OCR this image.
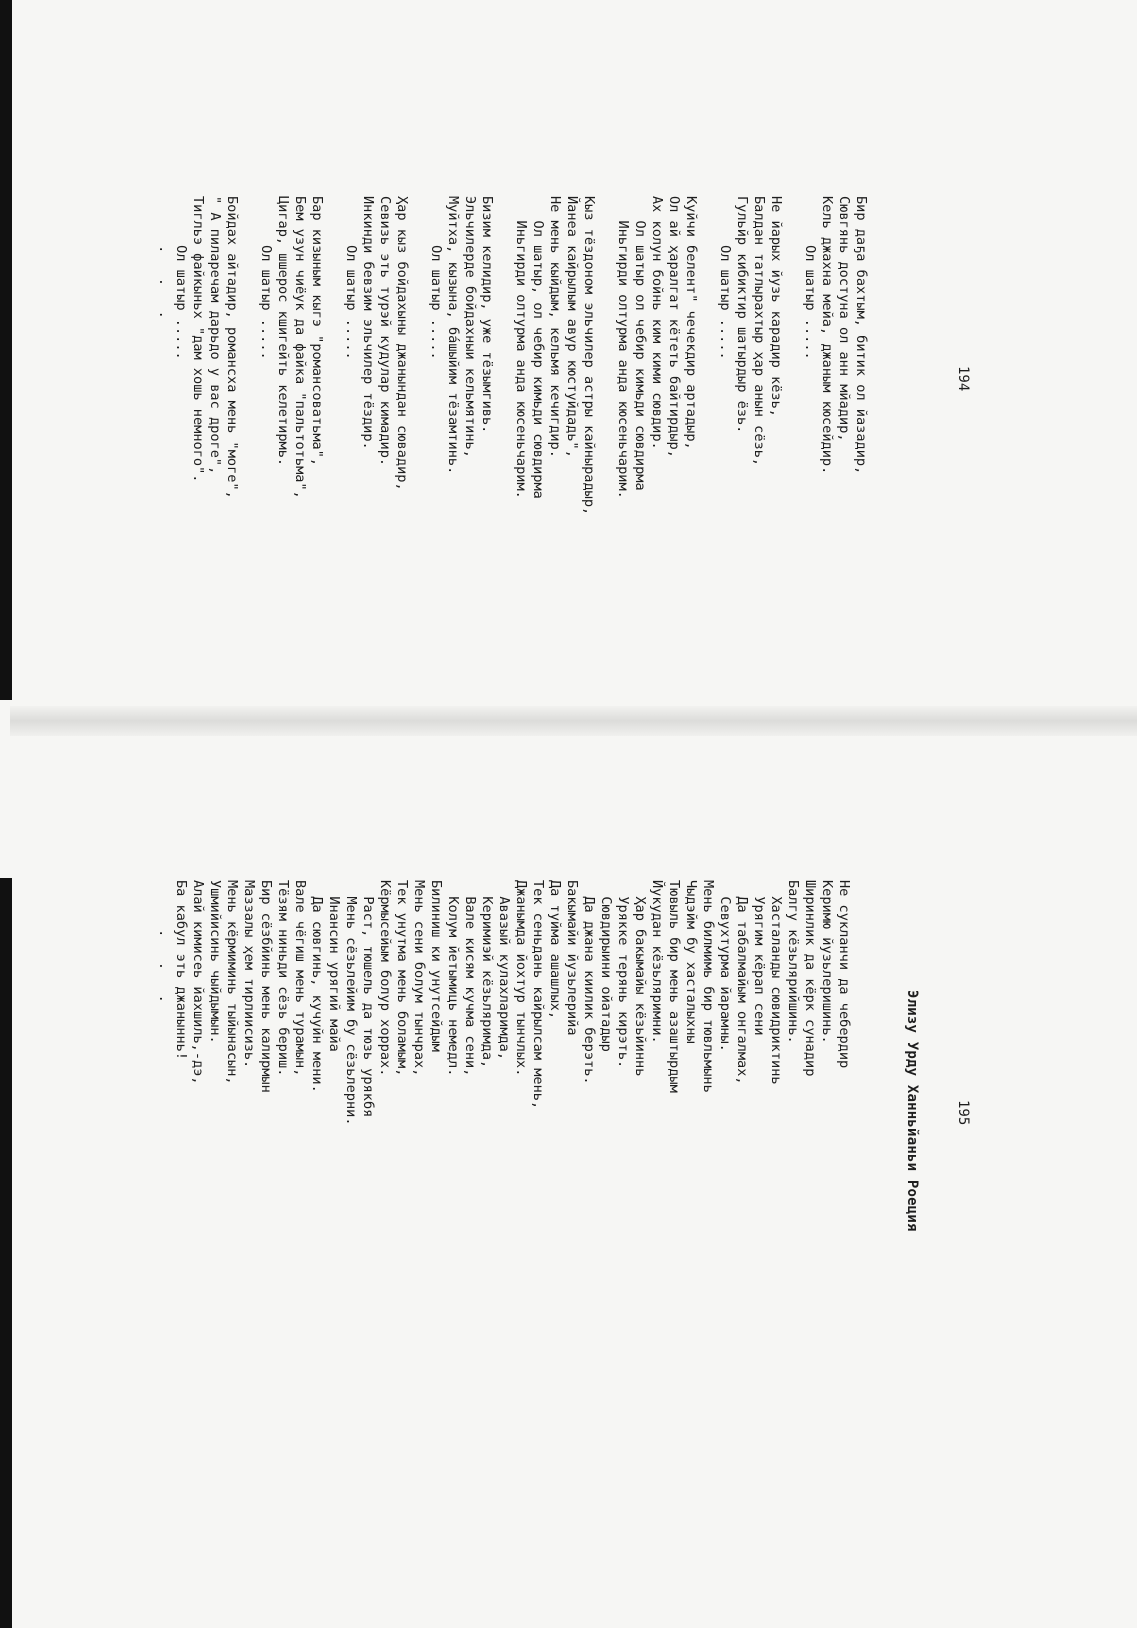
194

Бир даҕа бахтым, битик ол йазадир,
Сювгянь достуна ол анн мйадир,
Кель джахна мейа, джаным кюсейдир.
Ол шатыр .....
Не йарых йузь карадир кёзь,
Балдан татлырахтыр ҳар анын сёзь,
Гульйр кибиктир шатырдыр ёзь.
Ол шатыр .....
Куйчи белент" чечекдир артадыр,
Ол ай ҳаралгат кётеть байтирдыр,
Ах колун бойнь ким кими сювдир.
Ол шатыр ол чебир кимьди сювдирма
Иньгирди олтурма анда кюсеньчарим.
Кыз тёздоном эльчилер астры кайнырадыр,
Йанеа кайрылым авур кюстуйдадь",
Не мень кыйдым, кельмя кечигдир.
Ол шатыр, ол чебир кимьди сювдирма
Иньгирди олтурма анда кюсеньчарим.
Бизим келидир, уже тёзымгивь.
Эльчилерде бойдахныи кельмятинь,
Муйтха, кызына, ба́шыйим тёзамтинь.
Ол шатыр .....
Ҳар кыз бойдахыны джанындан сювадир,
Севизь эть турэй кудулар кимадир.
Инкинди бевзим эльчилер тёздир.
Ол шатыр .....
Бар кизыным кыгэ "романсоватьма",
Бем узун чиёук да файка "пальтотьма",
Цигар, шшерос кшигейть келетирмь.
Ол шатыр .....
Бойдах айтадир, романсха мень "моге",
" А пиларечам дарьдо у вас дроге",
Тигльэ файкыньх "дам хошь немного".
Ол шатыр .....
.   .   .

195

Элизу Урду Ханньйаньи Роеция

Не сукланчи да чебердир
Керимю йузьлеришинь.
Ширинлик да кёрк сунадир
Балгу кёзьлярийшинь.
Хасталанды сювидриктинь
Урягим кёрап сени
Да табалмайым онгалмах,
Севухтурма йарамны.
Мень билмимь бир тювльмынь
Чыдэйм бу хасталыхны
Тювыль бир мень азаштырдым
Йукудан кёзьляримни.
Ҳар бакымайы кёзьйиннь
Урякке терянь кирэть.
Сювдирыини ойатадыр
Да джана киилик берэть.
Бакымайи йузьлерийа
Да туйма ашашлых,
Тек сеньдань кайрылсам мень,
Джанымда йохтур тынчлых.
Авазый кулахларимда,
Керимиэй кёзьляримда,
Вале кисям кучма сени,
Колум йетымиць немедл.
Билиниш ки унутсейдым
Мень сени болум тынчрах,
Тек унутма мень боламым,
Кёрмысейым болур хоррах.
Раст, тюшель да тюзь урякбя
Мень сёзьлейим бу сёзьлерни.
Инансин урягий майа
Да сювгинь, кучуйн мени.
Вале чёгиш мень турамын,
Тёзям ниньди сёзь бериш.
Бир сёзбйинь мень калирмын
Маззалы ҳем тирлиисизь.
Мень кёрмиминь тыйынасын,
Ушмийисинь чыйдымын.
Алай кимисеь йахшиль,-дэ,
Ба кабул эть джаныннь!
.   .   .
